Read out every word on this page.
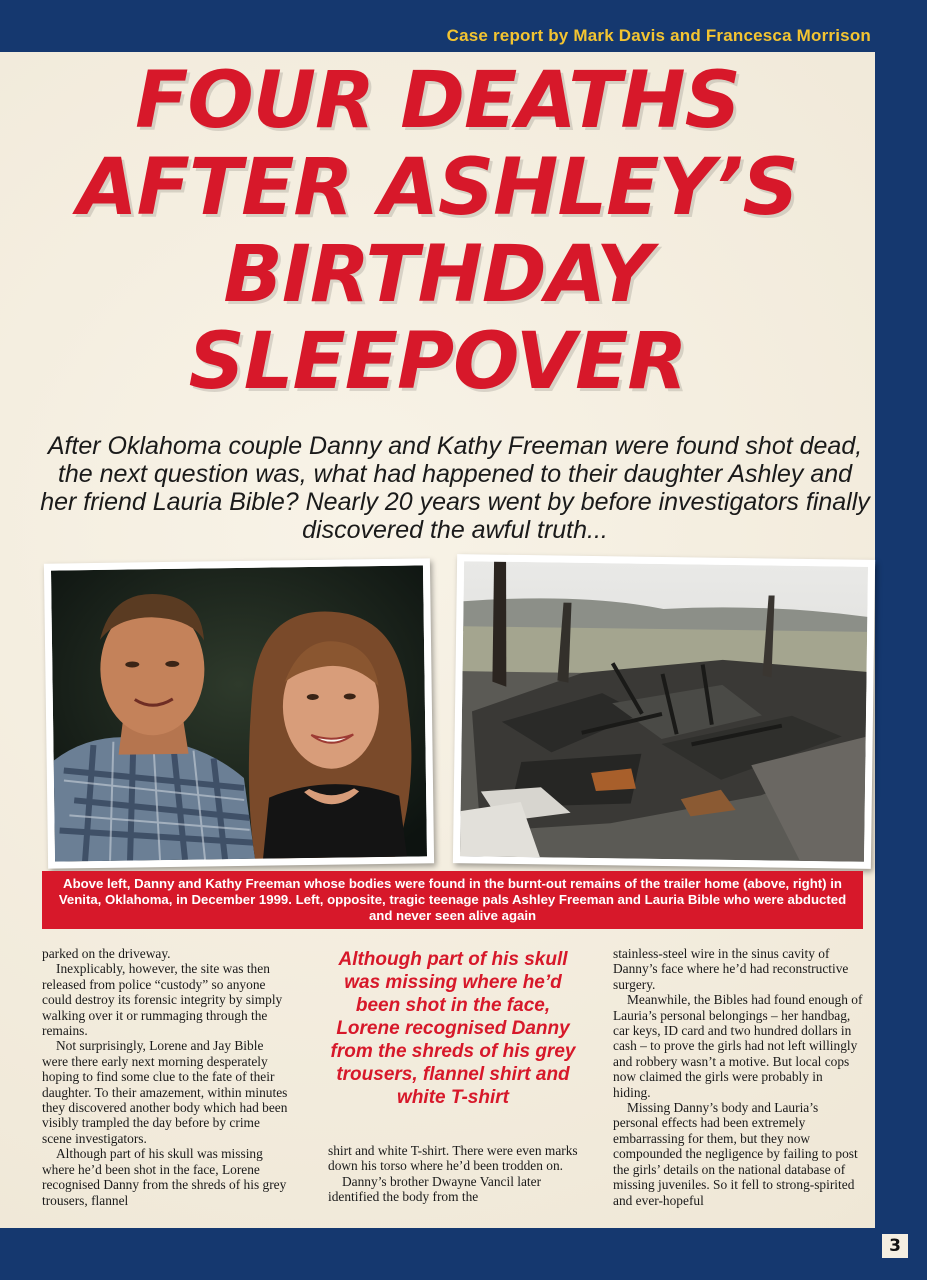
Case report by Mark Davis and Francesca Morrison
FOUR DEATHS
AFTER ASHLEY’S
BIRTHDAY
SLEEPOVER
After Oklahoma couple Danny and Kathy Freeman were found shot dead, the next question was, what had happened to their daughter Ashley and her friend Lauria Bible? Nearly 20 years went by before investigators finally discovered the awful truth...
Above left, Danny and Kathy Freeman whose bodies were found in the burnt-out remains of the trailer home (above, right) in Venita, Oklahoma, in December 1999. Left, opposite, tragic teenage pals Ashley Freeman and Lauria Bible who were abducted and never seen alive again

parked on the driveway.

Inexplicably, however, the site was then released from police “custody” so anyone could destroy its forensic integrity by simply walking over it or rummaging through the remains.

Not surprisingly, Lorene and Jay Bible were there early next morning desperately hoping to find some clue to the fate of their daughter. To their amazement, within minutes they discovered another body which had been visibly trampled the day before by crime scene investigators.

Although part of his skull was missing where he’d been shot in the face, Lorene recognised Danny from the shreds of his grey trousers, flannel

Although part of his skull was missing where he’d been shot in the face, Lorene recognised Danny from the shreds of his grey trousers, flannel shirt and white T-shirt

shirt and white T-shirt. There were even marks down his torso where he’d been trodden on.

Danny’s brother Dwayne Vancil later identified the body from the

stainless-steel wire in the sinus cavity of Danny’s face where he’d had reconstructive surgery.

Meanwhile, the Bibles had found enough of Lauria’s personal belongings – her handbag, car keys, ID card and two hundred dollars in cash – to prove the girls had not left willingly and robbery wasn’t a motive. But local cops now claimed the girls were probably in hiding.

Missing Danny’s body and Lauria’s personal effects had been extremely embarrassing for them, but they now compounded the negligence by failing to post the girls’ details on the national database of missing juveniles. So it fell to strong-spirited and ever-hopeful

3
